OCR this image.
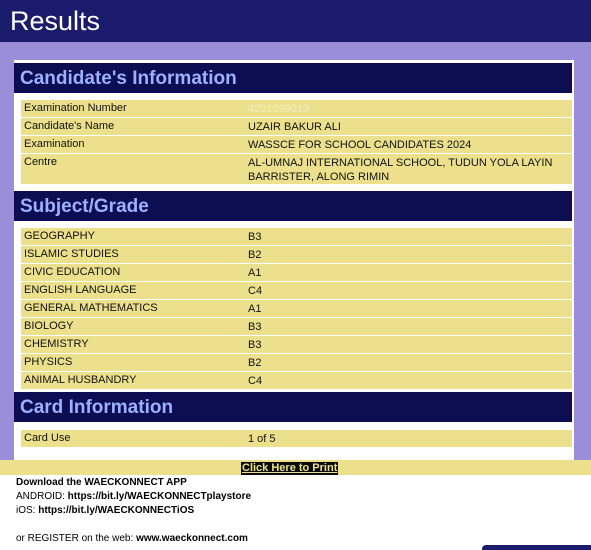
Results
Candidate's Information
Examination Number	4201599013
Candidate's Name	UZAIR BAKUR ALI
Examination	WASSCE FOR SCHOOL CANDIDATES 2024
Centre	AL-UMNAJ INTERNATIONAL SCHOOL, TUDUN YOLA LAYIN BARRISTER, ALONG RIMIN
Subject/Grade
GEOGRAPHY	B3
ISLAMIC STUDIES	B2
CIVIC EDUCATION	A1
ENGLISH LANGUAGE	C4
GENERAL MATHEMATICS	A1
BIOLOGY	B3
CHEMISTRY	B3
PHYSICS	B2
ANIMAL HUSBANDRY	C4
Card Information
Card Use	1 of 5
Click Here to Print
Download the WAECKONNECT APP
ANDROID: https://bit.ly/WAECKONNECTplaystore
iOS: https://bit.ly/WAECKONNECTiOS
or REGISTER on the web: www.waeckonnect.com
